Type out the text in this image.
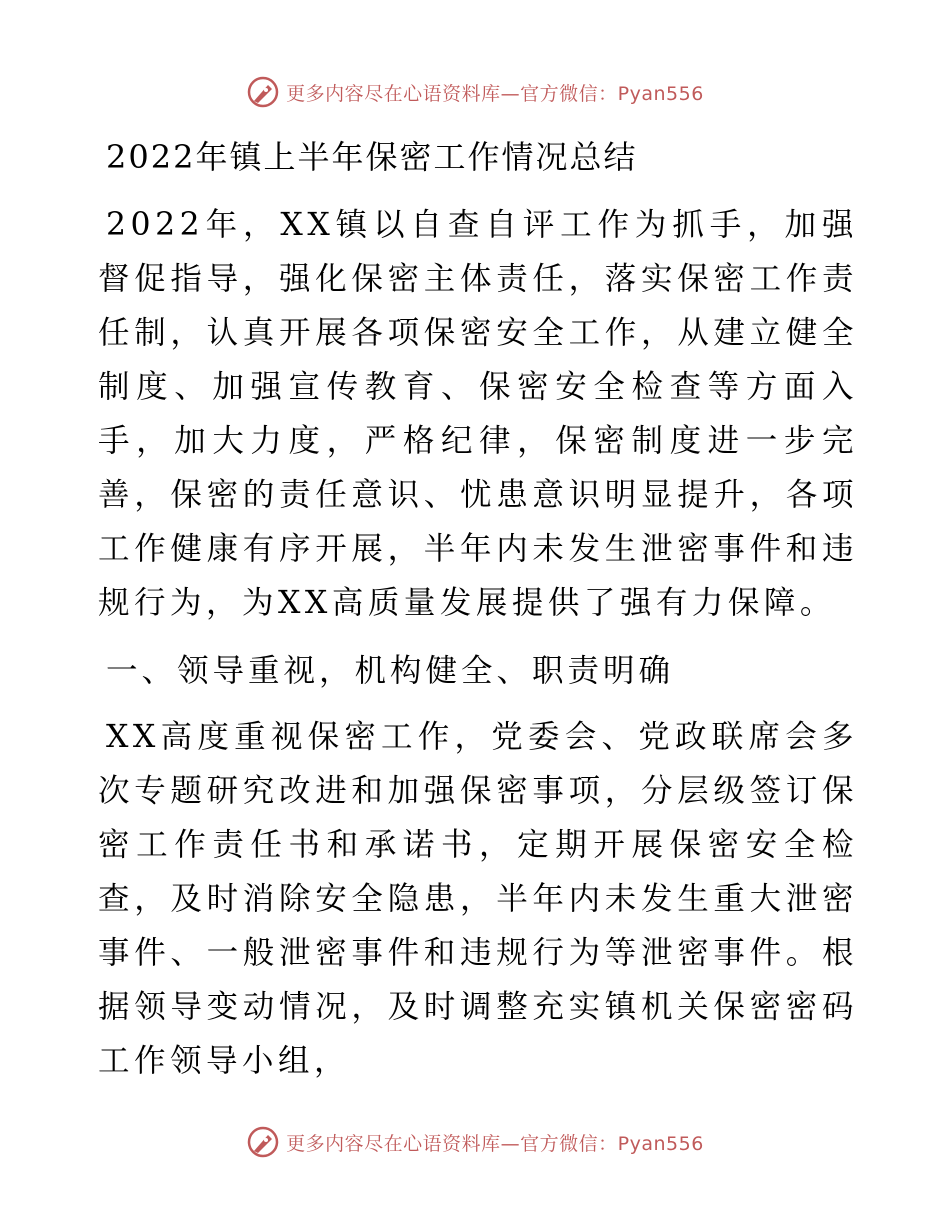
更多内容尽在心语资料库—官方微信：Pyan556
2022年镇上半年保密工作情况总结

2022年，XX镇以自查自评工作为抓手，加强督促指导，强化保密主体责任，落实保密工作责任制，认真开展各项保密安全工作，从建立健全制度、加强宣传教育、保密安全检查等方面入手，加大力度，严格纪律，保密制度进一步完善，保密的责任意识、忧患意识明显提升，各项工作健康有序开展，半年内未发生泄密事件和违规行为，为XX高质量发展提供了强有力保障。

一、领导重视，机构健全、职责明确

XX高度重视保密工作，党委会、党政联席会多次专题研究改进和加强保密事项，分层级签订保密工作责任书和承诺书，定期开展保密安全检查，及时消除安全隐患，半年内未发生重大泄密事件、一般泄密事件和违规行为等泄密事件。根据领导变动情况，及时调整充实镇机关保密密码工作领导小组，

更多内容尽在心语资料库—官方微信：Pyan556
